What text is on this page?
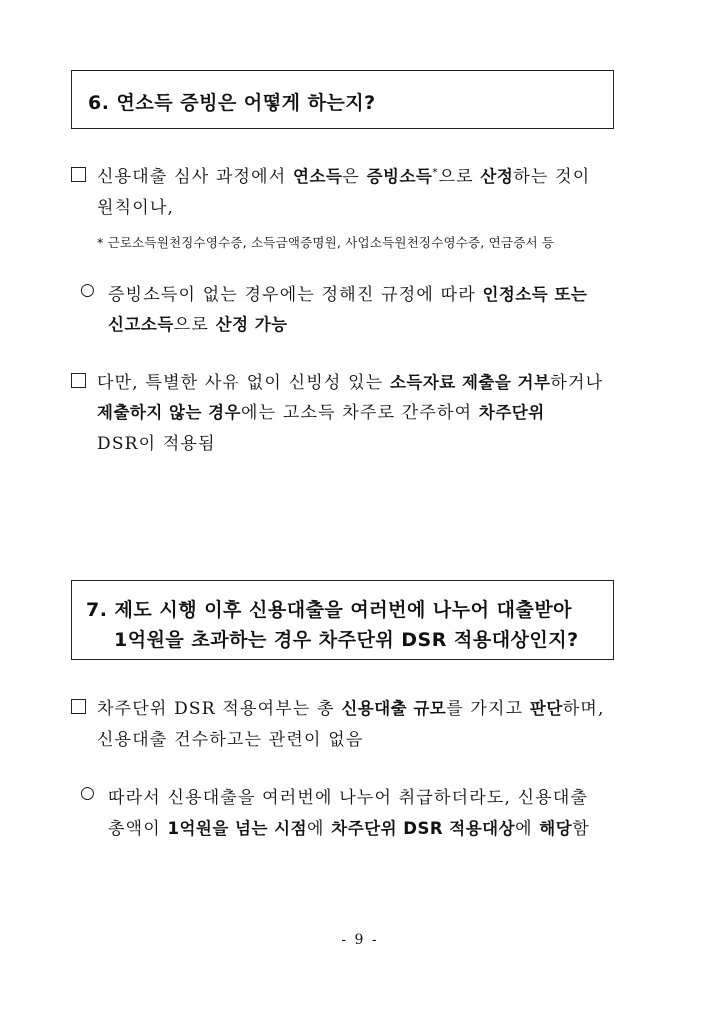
6. 연소득 증빙은 어떻게 하는지?
신용대출 심사 과정에서 연소득은 증빙소득*으로 산정하는 것이
원칙이나,
* 근로소득원천징수영수증, 소득금액증명원, 사업소득원천징수영수증, 연금증서 등
○ 증빙소득이 없는 경우에는 정해진 규정에 따라 인정소득 또는
신고소득으로 산정 가능
다만, 특별한 사유 없이 신빙성 있는 소득자료 제출을 거부하거나
제출하지 않는 경우에는 고소득 차주로 간주하여 차주단위
DSR이 적용됨
7. 제도 시행 이후 신용대출을 여러번에 나누어 대출받아
1억원을 초과하는 경우 차주단위 DSR 적용대상인지?
차주단위 DSR 적용여부는 총 신용대출 규모를 가지고 판단하며,
신용대출 건수하고는 관련이 없음
○ 따라서 신용대출을 여러번에 나누어 취급하더라도, 신용대출
총액이 1억원을 넘는 시점에 차주단위 DSR 적용대상에 해당함
- 9 -
